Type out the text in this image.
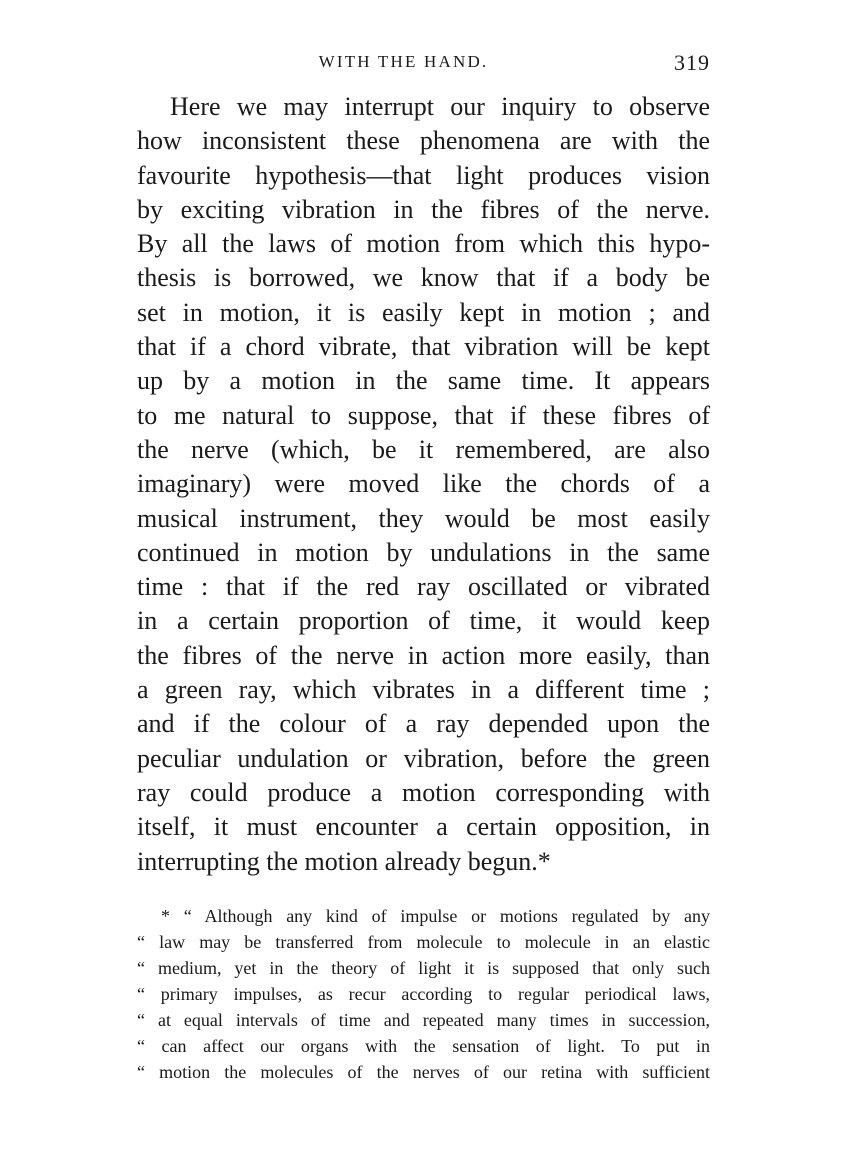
WITH THE HAND.	319
Here we may interrupt our inquiry to observe
how inconsistent these phenomena are with the
favourite hypothesis—that light produces vision
by exciting vibration in the fibres of the nerve.
By all the laws of motion from which this hypo-
thesis is borrowed, we know that if a body be
set in motion, it is easily kept in motion ; and
that if a chord vibrate, that vibration will be kept
up by a motion in the same time. It appears
to me natural to suppose, that if these fibres of
the nerve (which, be it remembered, are also
imaginary) were moved like the chords of a
musical instrument, they would be most easily
continued in motion by undulations in the same
time : that if the red ray oscillated or vibrated
in a certain proportion of time, it would keep
the fibres of the nerve in action more easily, than
a green ray, which vibrates in a different time ;
and if the colour of a ray depended upon the
peculiar undulation or vibration, before the green
ray could produce a motion corresponding with
itself, it must encounter a certain opposition, in
interrupting the motion already begun.*
* “ Although any kind of impulse or motions regulated by any
“ law may be transferred from molecule to molecule in an elastic
“ medium, yet in the theory of light it is supposed that only such
“ primary impulses, as recur according to regular periodical laws,
“ at equal intervals of time and repeated many times in succession,
“ can affect our organs with the sensation of light. To put in
“ motion the molecules of the nerves of our retina with sufficient
